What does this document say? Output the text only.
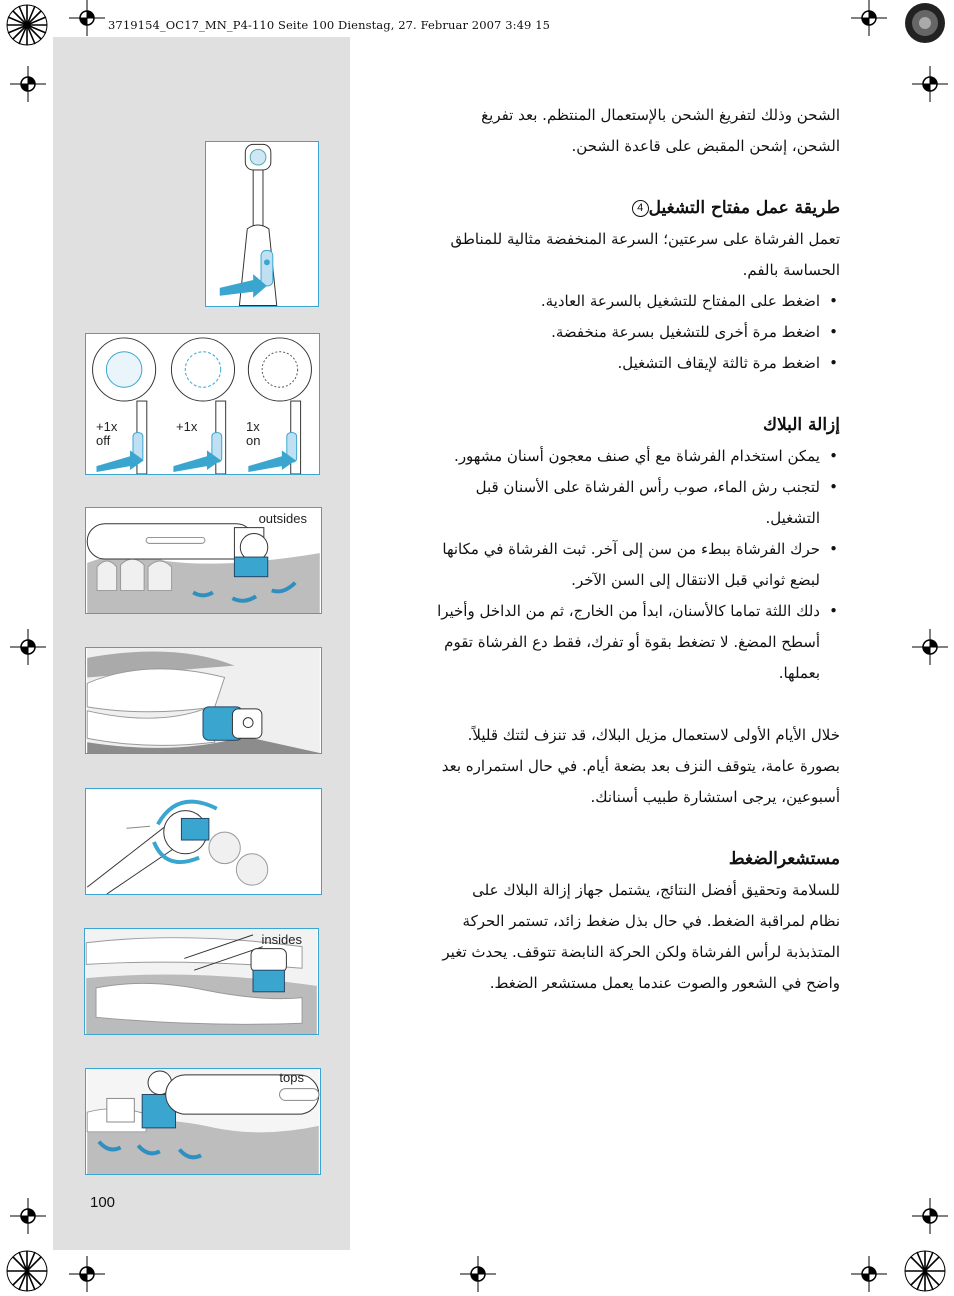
3719154_OC17_MN_P4-110 Seite 100 Dienstag, 27. Februar 2007 3:49 15
+1x
off
+1x	1x
on
outsides
insides
tops
100

الشحن وذلك لتفريغ الشحن بالإستعمال المنتظم. بعد تفريغ

الشحن، إشحن المقبض على قاعدة الشحن.

طريقة عمل مفتاح التشغيل4

تعمل الفرشاة على سرعتين؛ السرعة المنخفضة مثالية للمناطق

الحساسة بالفم.

• اضغط على المفتاح للتشغيل بالسرعة العادية.
• اضغط مرة أخرى للتشغيل بسرعة منخفضة.
• اضغط مرة ثالثة لإيقاف التشغيل.
إزالة البلاك
• يمكن استخدام الفرشاة مع أي صنف معجون أسنان مشهور.
• لتجنب رش الماء، صوب رأس الفرشاة على الأسنان قبل
التشغيل.
• حرك الفرشاة ببطء من سن إلى آخر. ثبت الفرشاة في مكانها
لبضع ثواني قبل الانتقال إلى السن الآخر.
• دلك اللثة تماما كالأسنان، ابدأ من الخارج، ثم من الداخل وأخيرا
أسطح المضغ. لا تضغط بقوة أو تفرك، فقط دع الفرشاة تقوم
بعملها.

خلال الأيام الأولى لاستعمال مزيل البلاك، قد تنزف لثتك قليلاً.

بصورة عامة، يتوقف النزف بعد بضعة أيام. في حال استمراره بعد

أسبوعين، يرجى استشارة طبيب أسنانك.

مستشعرالضغط

للسلامة وتحقيق أفضل النتائج، يشتمل جهاز إزالة البلاك على

نظام لمراقبة الضغط. في حال بذل ضغط زائد، تستمر الحركة

المتذبذبة لرأس الفرشاة ولكن الحركة النابضة تتوقف. يحدث تغير

واضح في الشعور والصوت عندما يعمل مستشعر الضغط.
